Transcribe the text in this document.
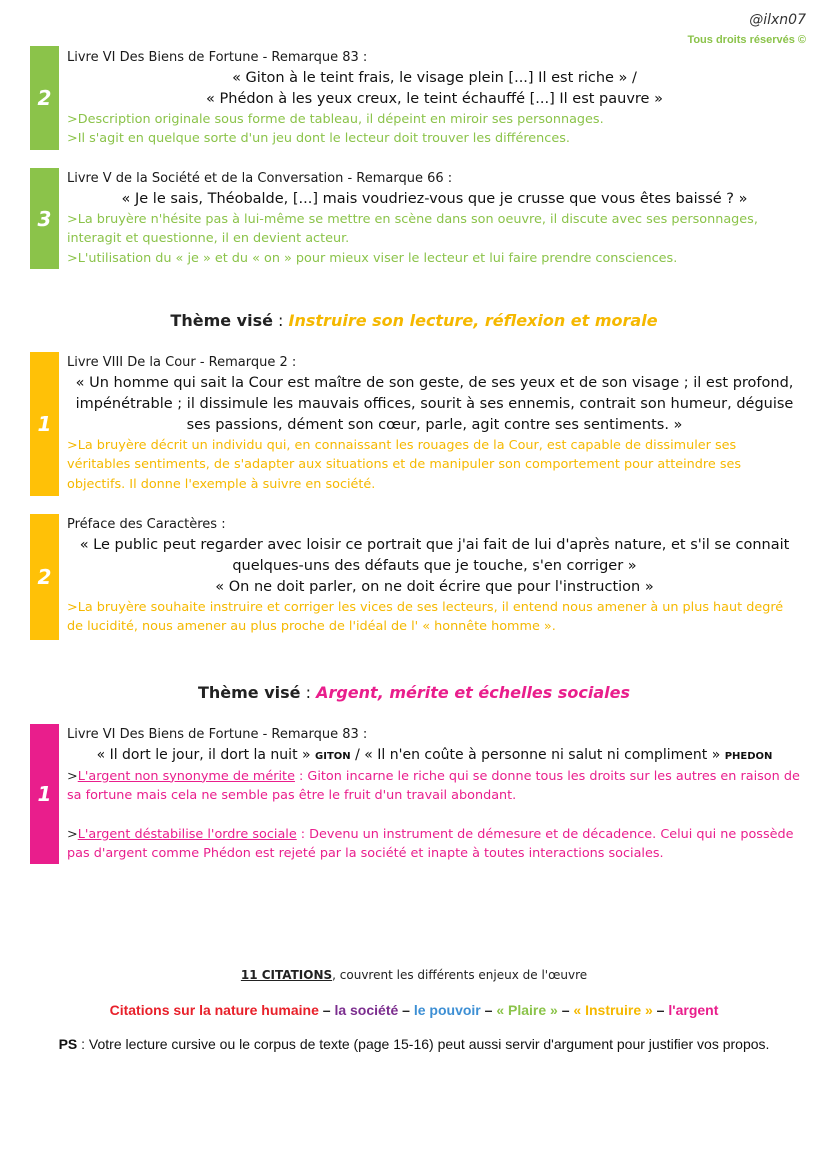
@ilxn07
Tous droits réservés ©
2
Livre VI Des Biens de Fortune - Remarque 83 :
« Giton à le teint frais, le visage plein [...] Il est riche » /
« Phédon à les yeux creux, le teint échauffé [...] Il est pauvre »
>Description originale sous forme de tableau, il dépeint en miroir ses personnages.
>Il s'agit en quelque sorte d'un jeu dont le lecteur doit trouver les différences.
3
Livre V de la Société et de la Conversation - Remarque 66 :
« Je le sais, Théobalde, [...] mais voudriez-vous que je crusse que vous êtes baissé ? »
>La bruyère n'hésite pas à lui-même se mettre en scène dans son oeuvre, il discute avec ses personnages, interagit et questionne, il en devient acteur.
>L'utilisation du « je » et du « on » pour mieux viser le lecteur et lui faire prendre consciences.
Thème visé : Instruire son lecture, réflexion et morale
1
Livre VIII De la Cour - Remarque 2 :
« Un homme qui sait la Cour est maître de son geste, de ses yeux et de son visage ; il est profond, impénétrable ; il dissimule les mauvais offices, sourit à ses ennemis, contrait son humeur, déguise ses passions, dément son cœur, parle, agit contre ses sentiments. »
>La bruyère décrit un individu qui, en connaissant les rouages de la Cour, est capable de dissimuler ses véritables sentiments, de s'adapter aux situations et de manipuler son comportement pour atteindre ses objectifs. Il donne l'exemple à suivre en société.
2
Préface des Caractères :
« Le public peut regarder avec loisir ce portrait que j'ai fait de lui d'après nature, et s'il se connait quelques-uns des défauts que je touche, s'en corriger »
« On ne doit parler, on ne doit écrire que pour l'instruction »
>La bruyère souhaite instruire et corriger les vices de ses lecteurs, il entend nous amener à un plus haut degré de lucidité, nous amener au plus proche de l'idéal de l' « honnête homme ».
Thème visé : Argent, mérite et échelles sociales
1
Livre VI Des Biens de Fortune - Remarque 83 :
« Il dort le jour, il dort la nuit » GITON / « Il n'en coûte à personne ni salut ni compliment » PHEDON
>L'argent non synonyme de mérite : Giton incarne le riche qui se donne tous les droits sur les autres en raison de sa fortune mais cela ne semble pas être le fruit d'un travail abondant.
>L'argent déstabilise l'ordre sociale : Devenu un instrument de démesure et de décadence. Celui qui ne possède pas d'argent comme Phédon est rejeté par la société et inapte à toutes interactions sociales.
11 CITATIONS, couvrent les différents enjeux de l'œuvre
Citations sur la nature humaine – la société – le pouvoir – « Plaire » – « Instruire » – l'argent
PS : Votre lecture cursive ou le corpus de texte (page 15-16) peut aussi servir d'argument pour justifier vos propos.
